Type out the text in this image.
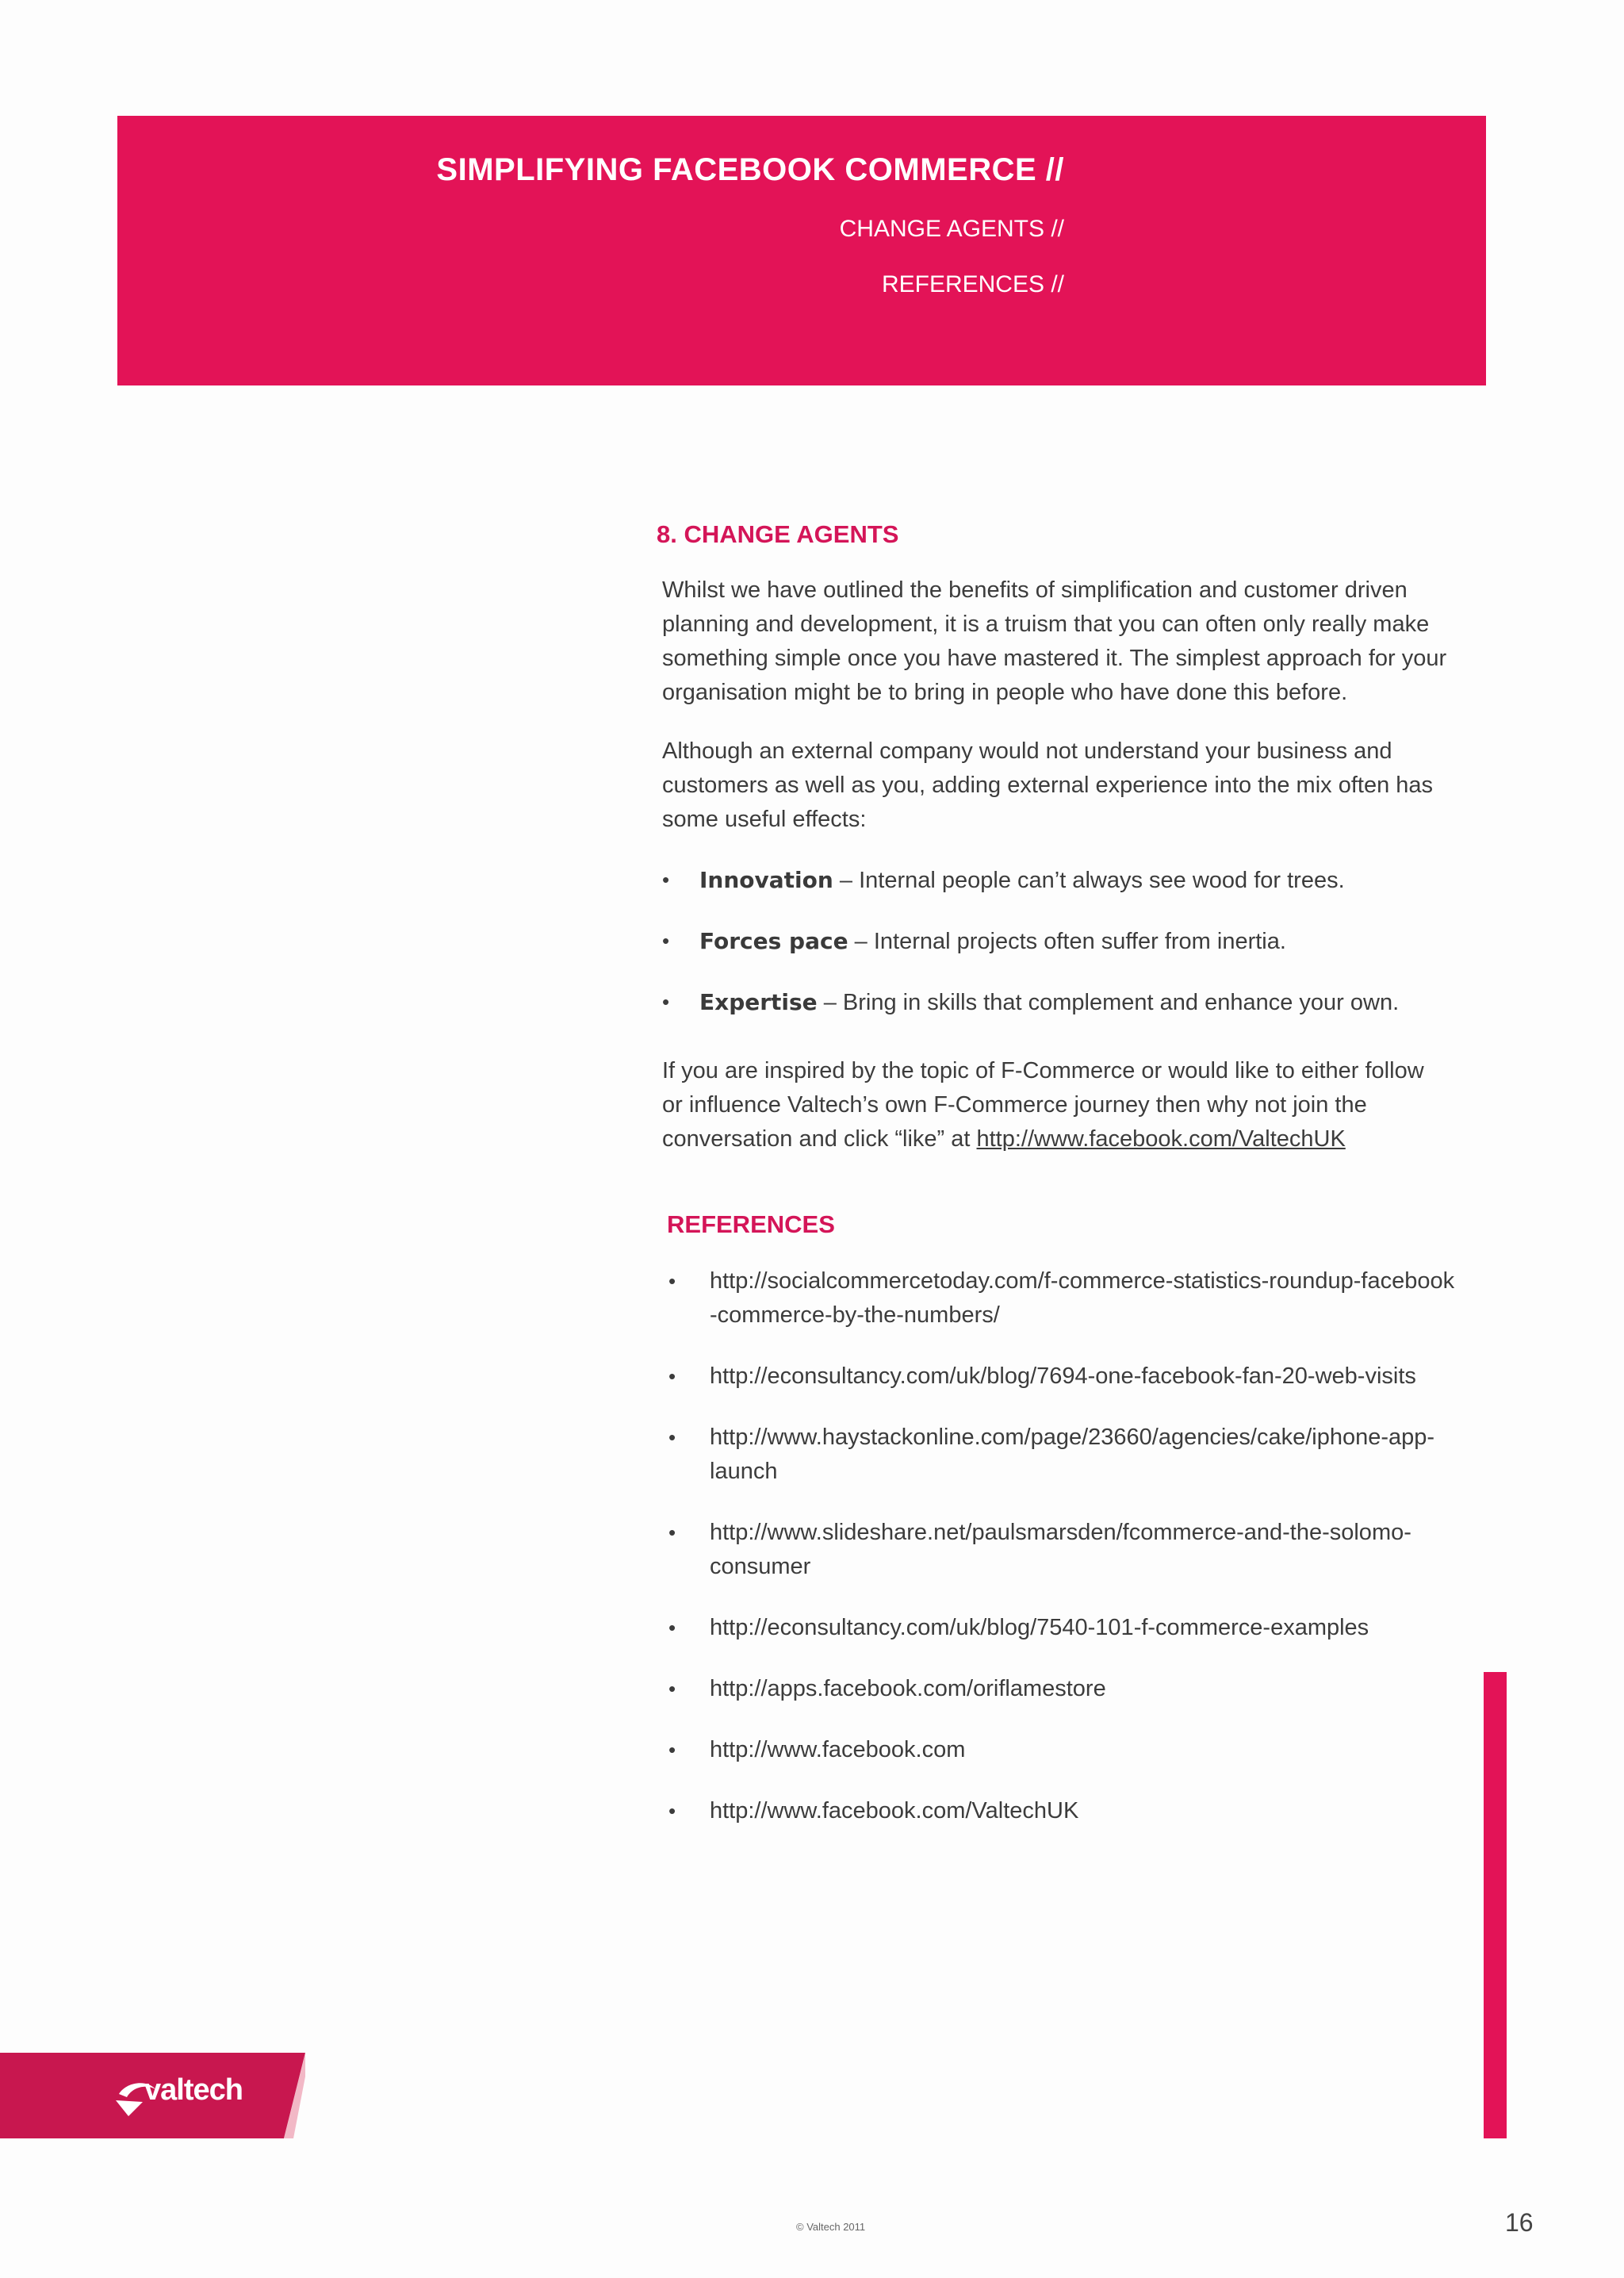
SIMPLIFYING FACEBOOK COMMERCE //
CHANGE AGENTS //
REFERENCES //
8. CHANGE AGENTS
Whilst we have outlined the benefits of simplification and customer driven
planning and development, it is a truism that you can often only really make
something simple once you have mastered it. The simplest approach for your
organisation might be to bring in people who have done this before.
Although an external company would not understand your business and
customers as well as you, adding external experience into the mix often has
some useful effects:
•	Innovation – Internal people can’t always see wood for trees.
•	Forces pace – Internal projects often suffer from inertia.
•	Expertise – Bring in skills that complement and enhance your own.
If you are inspired by the topic of F-Commerce or would like to either follow
or influence Valtech’s own F-Commerce journey then why not join the
conversation and click “like” at http://www.facebook.com/ValtechUK
REFERENCES
•	http://socialcommercetoday.com/f-commerce-statistics-roundup-facebook
-commerce-by-the-numbers/
•	http://econsultancy.com/uk/blog/7694-one-facebook-fan-20-web-visits
•	http://www.haystackonline.com/page/23660/agencies/cake/iphone-app-
launch
•	http://www.slideshare.net/paulsmarsden/fcommerce-and-the-solomo-
consumer
•	http://econsultancy.com/uk/blog/7540-101-f-commerce-examples
•	http://apps.facebook.com/oriflamestore
•	http://www.facebook.com
•	http://www.facebook.com/ValtechUK
valtech
© Valtech 2011	16
